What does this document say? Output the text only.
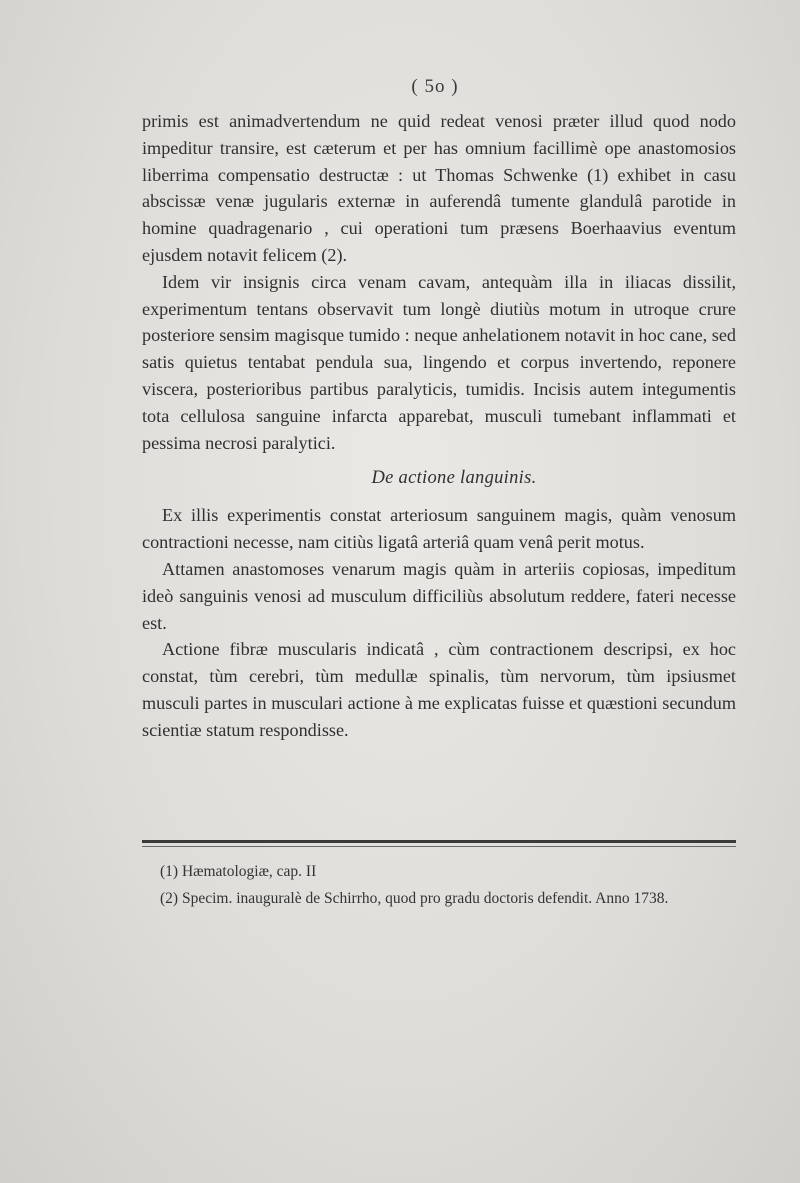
( 5o )

primis est animadvertendum ne quid redeat venosi præter illud quod nodo impeditur transire, est cæterum et per has omnium facillimè ope anastomosios liberrima compensatio destructæ : ut Thomas Schwenke (1) exhibet in casu abscissæ venæ jugularis externæ in auferendâ tumente glandulâ parotide in homine quadragenario , cui operationi tum præsens Boerhaavius eventum ejusdem notavit felicem (2).

Idem vir insignis circa venam cavam, antequàm illa in iliacas dissilit, experimentum tentans observavit tum longè diutiùs motum in utroque crure posteriore sensim magisque tumido : neque anhelationem notavit in hoc cane, sed satis quietus tentabat pendula sua, lingendo et corpus invertendo, reponere viscera, posterioribus partibus paralyticis, tumidis. Incisis autem integumentis tota cellulosa sanguine infarcta apparebat, musculi tumebant inflammati et pessima necrosi paralytici.

De actione languinis.

Ex illis experimentis constat arteriosum sanguinem magis, quàm venosum contractioni necesse, nam citiùs ligatâ arteriâ quam venâ perit motus.

Attamen anastomoses venarum magis quàm in arteriis copiosas, impeditum ideò sanguinis venosi ad musculum difficiliùs absolutum reddere, fateri necesse est.

Actione fibræ muscularis indicatâ , cùm contractionem descripsi, ex hoc constat, tùm cerebri, tùm medullæ spinalis, tùm nervorum, tùm ipsiusmet musculi partes in musculari actione à me explicatas fuisse et quæstioni secundum scientiæ statum respondisse.

(1) Hæmatologiæ, cap. II

(2) Specim. inauguralè de Schirrho, quod pro gradu doctoris defendit. Anno 1738.
